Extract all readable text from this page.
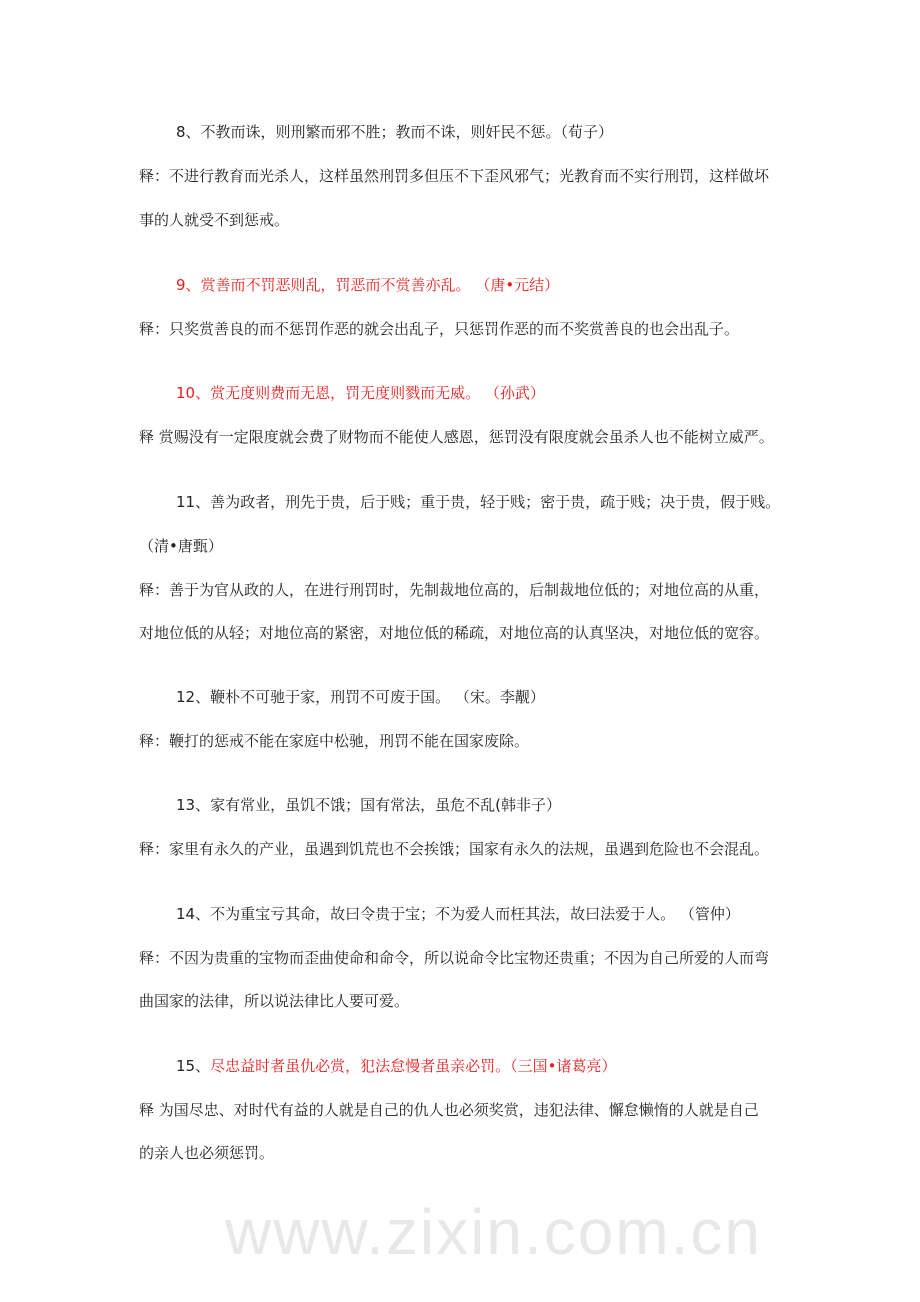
www.zixin.com.cn
8、不教而诛，则刑繁而邪不胜；教而不诛，则奸民不惩。（荀子）
释：不进行教育而光杀人，这样虽然刑罚多但压不下歪风邪气；光教育而不实行刑罚，这样做坏
事的人就受不到惩戒。
9、赏善而不罚恶则乱，罚恶而不赏善亦乱。 （唐•元结）
释：只奖赏善良的而不惩罚作恶的就会出乱子，只惩罚作恶的而不奖赏善良的也会出乱子。
10、赏无度则费而无恩，罚无度则戮而无威。 （孙武）
释 赏赐没有一定限度就会费了财物而不能使人感恩，惩罚没有限度就会虽杀人也不能树立威严。
11、善为政者，刑先于贵，后于贱；重于贵，轻于贱；密于贵，疏于贱；决于贵，假于贱。
（清•唐甄）
释：善于为官从政的人，在进行刑罚时，先制裁地位高的，后制裁地位低的；对地位高的从重，
对地位低的从轻；对地位高的紧密，对地位低的稀疏，对地位高的认真坚决，对地位低的宽容。
12、鞭朴不可驰于家，刑罚不可废于国。 （宋。李觏）
释：鞭打的惩戒不能在家庭中松驰，刑罚不能在国家废除。
13、家有常业，虽饥不饿；国有常法，虽危不乱(韩非子）
释：家里有永久的产业，虽遇到饥荒也不会挨饿；国家有永久的法规，虽遇到危险也不会混乱。
14、不为重宝亏其命，故曰令贵于宝；不为爱人而枉其法，故曰法爱于人。 （管仲）
释：不因为贵重的宝物而歪曲使命和命令，所以说命令比宝物还贵重；不因为自己所爱的人而弯
曲国家的法律，所以说法律比人要可爱。
15、尽忠益时者虽仇必赏，犯法怠慢者虽亲必罚。（三国•诸葛亮）
释 为国尽忠、对时代有益的人就是自己的仇人也必须奖赏，违犯法律、懈怠懒惰的人就是自己
的亲人也必须惩罚。
